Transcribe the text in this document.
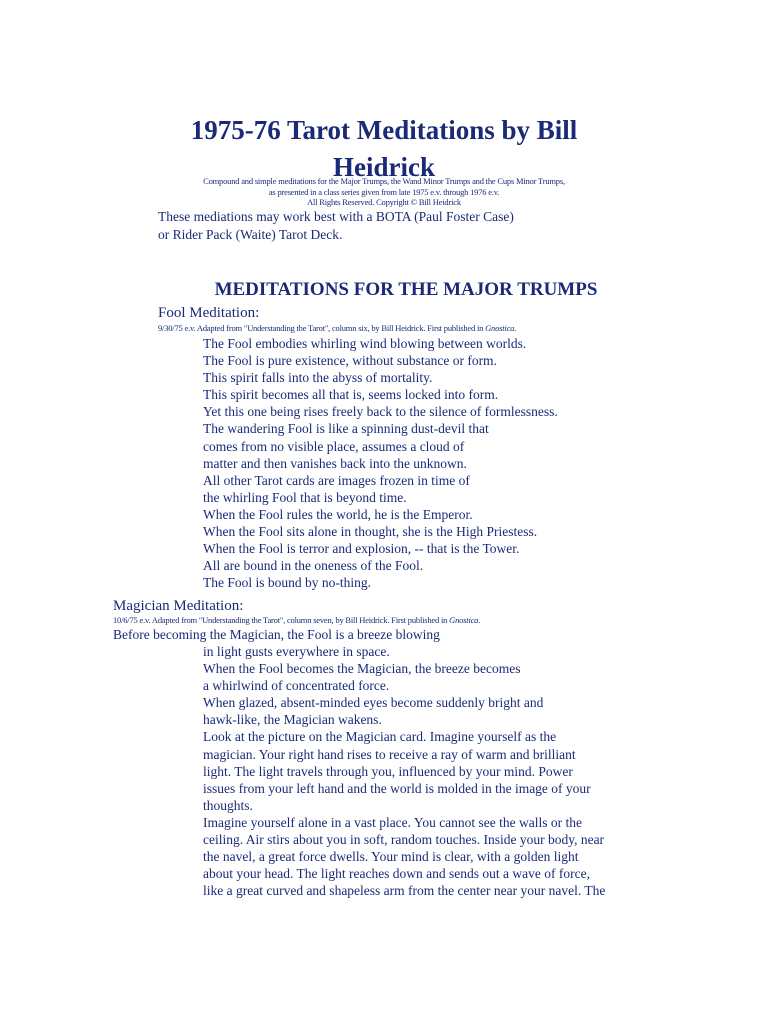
1975-76 Tarot Meditations by Bill
Heidrick
Compound and simple meditations for the Major Trumps, the Wand Minor Trumps and the Cups Minor Trumps,
as presented in a class series given from late 1975 e.v. through 1976 e.v.
All Rights Reserved. Copyright © Bill Heidrick
These mediations may work best with a BOTA (Paul Foster Case)
or Rider Pack (Waite) Tarot Deck.
MEDITATIONS FOR THE MAJOR TRUMPS
Fool Meditation:
9/30/75 e.v. Adapted from "Understanding the Tarot", column six, by Bill Heidrick. First published in Gnostica.
The Fool embodies whirling wind blowing between worlds.
The Fool is pure existence, without substance or form.
This spirit falls into the abyss of mortality.
This spirit becomes all that is, seems locked into form.
Yet this one being rises freely back to the silence of formlessness.
The wandering Fool is like a spinning dust-devil that
comes from no visible place, assumes a cloud of
matter and then vanishes back into the unknown.
All other Tarot cards are images frozen in time of
the whirling Fool that is beyond time.
When the Fool rules the world, he is the Emperor.
When the Fool sits alone in thought, she is the High Priestess.
When the Fool is terror and explosion, -- that is the Tower.
All are bound in the oneness of the Fool.
The Fool is bound by no-thing.
Magician Meditation:
10/6/75 e.v. Adapted from "Understanding the Tarot", column seven, by Bill Heidrick. First published in Gnostica.
Before becoming the Magician, the Fool is a breeze blowing
in light gusts everywhere in space.
When the Fool becomes the Magician, the breeze becomes
a whirlwind of concentrated force.
When glazed, absent-minded eyes become suddenly bright and
hawk-like, the Magician wakens.
Look at the picture on the Magician card. Imagine yourself as the
magician. Your right hand rises to receive a ray of warm and brilliant
light. The light travels through you, influenced by your mind. Power
issues from your left hand and the world is molded in the image of your
thoughts.
Imagine yourself alone in a vast place. You cannot see the walls or the
ceiling. Air stirs about you in soft, random touches. Inside your body, near
the navel, a great force dwells. Your mind is clear, with a golden light
about your head. The light reaches down and sends out a wave of force,
like a great curved and shapeless arm from the center near your navel. The
